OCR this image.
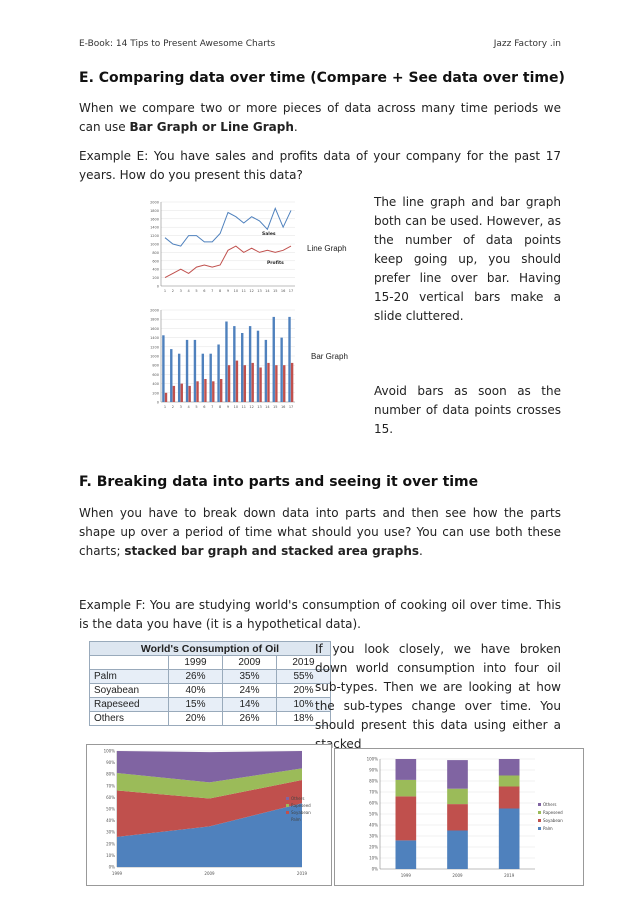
E-Book: 14 Tips to Present Awesome Charts	Jazz Factory .in
E. Comparing data over time (Compare + See data over time)
When we compare two or more pieces of data across many time periods we can use Bar Graph or Line Graph.
Example E: You have sales and profits data of your company for the past 17 years. How do you present this data?
0
200
400
600
800
1000
1200
1400
1600
1800
2000
1 2 3 4 5 6 7 8 9 10 11 12 13 14 15 16 17
Sales
Profits
Line Graph
0
200
400
600
800
1000
1200
1400
1600
1800
2000
1 2 3 4 5 6 7 8 9 10 11 12 13 14 15 16 17
Bar Graph
The line graph and bar graph both can be used. However, as the number of data points keep going up, you should prefer line over bar. Having 15-20 vertical bars make a slide cluttered.
Avoid bars as soon as the number of data points crosses 15.
F. Breaking data into parts and seeing it over time
When you have to break down data into parts and then see how the parts shape up over a period of time what should you use? You can use both these charts; stacked bar graph and stacked area graphs.
Example F: You are studying world's consumption of cooking oil over time. This is the data you have (it is a hypothetical data).
World's Consumption of Oil			
	1999	2009	2019
Palm	26%	35%	55%
Soyabean	40%	24%	20%
Rapeseed	15%	14%	10%
Others	20%	26%	18%
If you look closely, we have broken down world consumption into four oil sub-types. Then we are looking at how the sub-types change over time. You should present this data using either a stacked
0%
10%
20%
30%
40%
50%
60%
70%
80%
90%
100%
1999	2009	2019
Others
Rapeseed
Soyabean
Palm
0%
10%
20%
30%
40%
50%
60%
70%
80%
90%
100%
1999	2009	2019
Others
Rapeseed
Soyabean
Palm
